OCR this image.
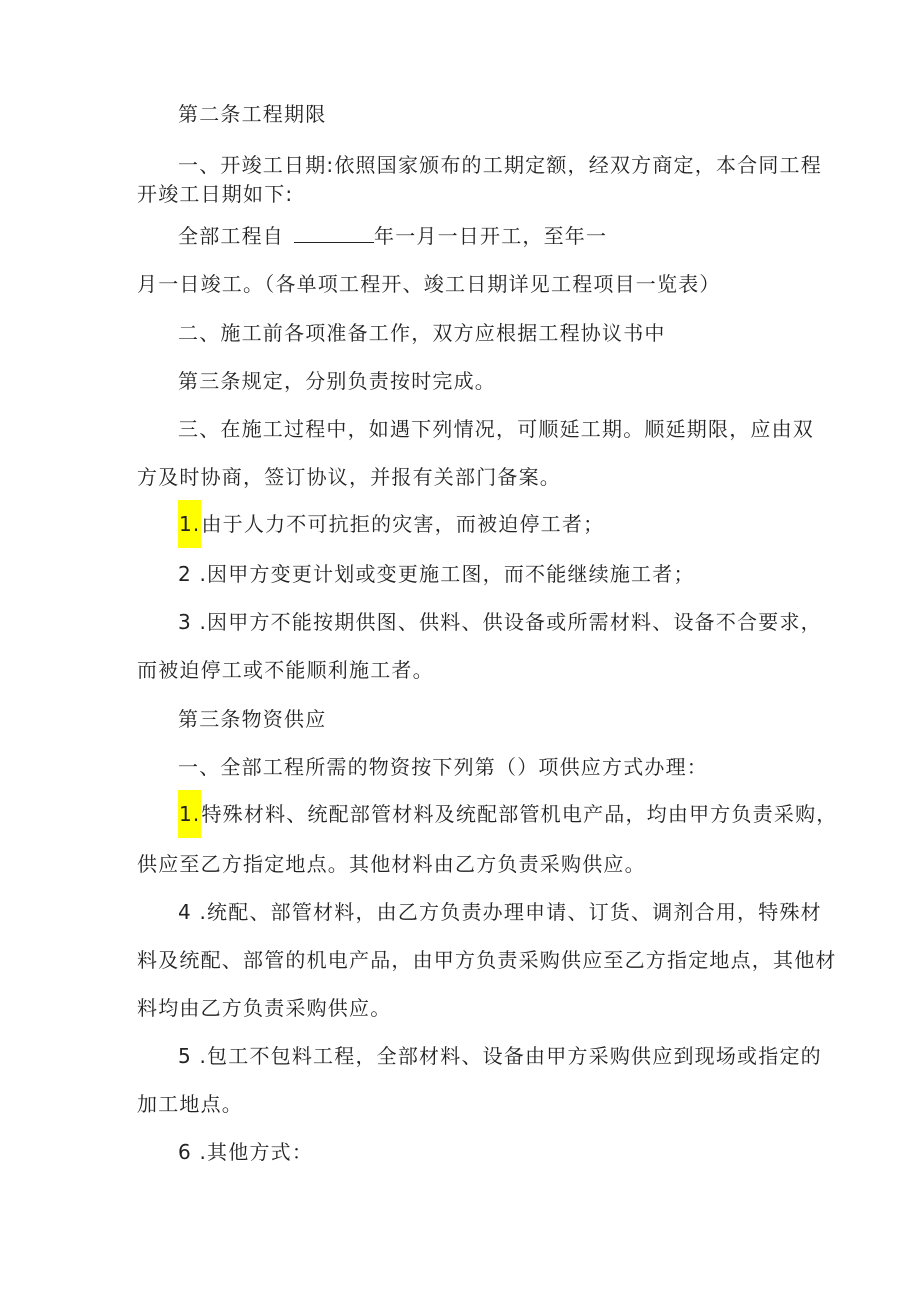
第二条工程期限
一、开竣工日期:依照国家颁布的工期定额，经双方商定，本合同工程
开竣工日期如下:
全部工程自	年一月一日开工，至年一
月一日竣工。（各单项工程开、竣工日期详见工程项目一览表）
二、施工前各项准备工作，双方应根据工程协议书中
第三条规定，分别负责按时完成。
三、在施工过程中，如遇下列情况，可顺延工期。顺延期限，应由双
方及时协商，签订协议，并报有关部门备案。
1.由于人力不可抗拒的灾害，而被迫停工者；
2 .因甲方变更计划或变更施工图，而不能继续施工者；
3 .因甲方不能按期供图、供料、供设备或所需材料、设备不合要求，
而被迫停工或不能顺利施工者。
第三条物资供应
一、全部工程所需的物资按下列第（）项供应方式办理：
1.特殊材料、统配部管材料及统配部管机电产品，均由甲方负责采购，
供应至乙方指定地点。其他材料由乙方负责采购供应。
4 .统配、部管材料，由乙方负责办理申请、订货、调剂合用，特殊材
料及统配、部管的机电产品，由甲方负责采购供应至乙方指定地点，其他材
料均由乙方负责采购供应。
5 .包工不包料工程，全部材料、设备由甲方采购供应到现场或指定的
加工地点。
6 .其他方式：
